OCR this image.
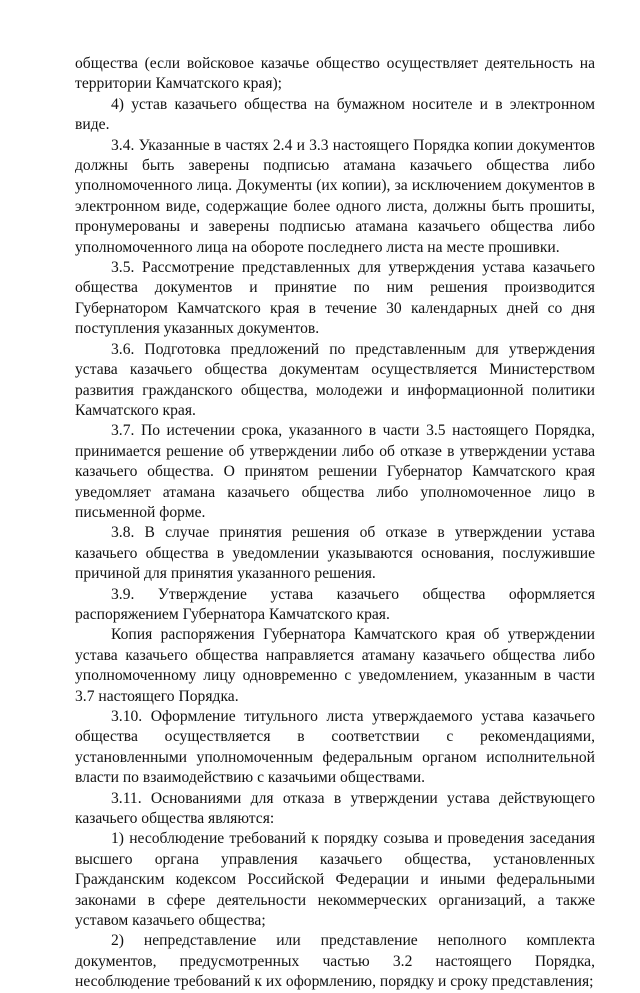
общества (если войсковое казачье общество осуществляет деятельность на территории Камчатского края);

4) устав казачьего общества на бумажном носителе и в электронном виде.

3.4. Указанные в частях 2.4 и 3.3 настоящего Порядка копии документов должны быть заверены подписью атамана казачьего общества либо уполномоченного лица. Документы (их копии), за исключением документов в электронном виде, содержащие более одного листа, должны быть прошиты, пронумерованы и заверены подписью атамана казачьего общества либо уполномоченного лица на обороте последнего листа на месте прошивки.

3.5. Рассмотрение представленных для утверждения устава казачьего общества документов и принятие по ним решения производится Губернатором Камчатского края в течение 30 календарных дней со дня поступления указанных документов.

3.6. Подготовка предложений по представленным для утверждения устава казачьего общества документам осуществляется Министерством развития гражданского общества, молодежи и информационной политики Камчатского края.

3.7. По истечении срока, указанного в части 3.5 настоящего Порядка, принимается решение об утверждении либо об отказе в утверждении устава казачьего общества. О принятом решении Губернатор Камчатского края уведомляет атамана казачьего общества либо уполномоченное лицо в письменной форме.

3.8. В случае принятия решения об отказе в утверждении устава казачьего общества в уведомлении указываются основания, послужившие причиной для принятия указанного решения.

3.9. Утверждение устава казачьего общества оформляется распоряжением Губернатора Камчатского края.

Копия распоряжения Губернатора Камчатского края об утверждении устава казачьего общества направляется атаману казачьего общества либо уполномоченному лицу одновременно с уведомлением, указанным в части 3.7 настоящего Порядка.

3.10. Оформление титульного листа утверждаемого устава казачьего общества осуществляется в соответствии с рекомендациями, установленными уполномоченным федеральным органом исполнительной власти по взаимодействию с казачьими обществами.

3.11. Основаниями для отказа в утверждении устава действующего казачьего общества являются:

1) несоблюдение требований к порядку созыва и проведения заседания высшего органа управления казачьего общества, установленных Гражданским кодексом Российской Федерации и иными федеральными законами в сфере деятельности некоммерческих организаций, а также уставом казачьего общества;

2) непредставление или представление неполного комплекта документов, предусмотренных частью 3.2 настоящего Порядка, несоблюдение требований к их оформлению, порядку и сроку представления;
